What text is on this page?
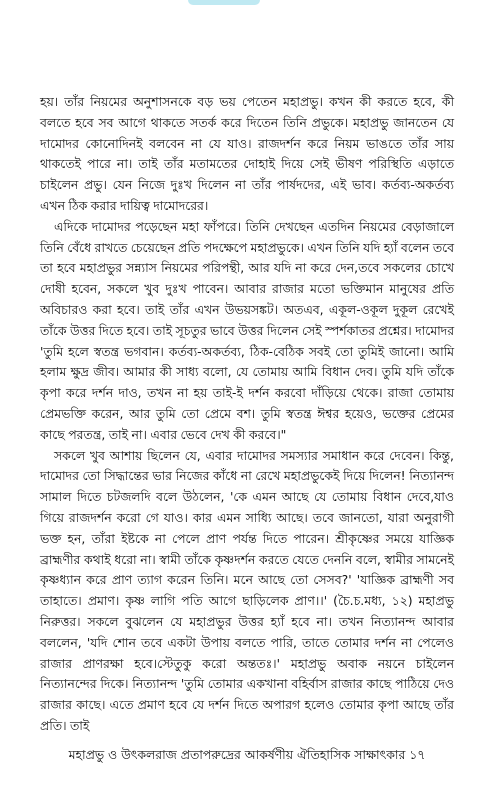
হয়। তাঁর নিয়মের অনুশাসনকে বড় ভয় পেতেন মহাপ্রভু। কখন কী করতে হবে, কী বলতে হবে সব আগে থাকতে সতর্ক করে দিতেন তিনি প্রভুকে। মহাপ্রভু জানতেন যে দামোদর কোনোদিনই বলবেন না যে যাও। রাজদর্শন করে নিয়ম ভাঙতে তাঁর সায় থাকতেই পারে না। তাই তাঁর মতামতের দোহাই দিয়ে সেই ভীষণ পরিস্থিতি এড়াতে চাইলেন প্রভু। যেন নিজে দুঃখ দিলেন না তাঁর পার্ষদদের, এই ভাব। কর্তব্য-অকর্তব্য এখন ঠিক করার দায়িত্ব দামোদরের।

এদিকে দামোদর পড়েছেন মহা ফাঁপরে। তিনি দেখছেন এতদিন নিয়মের বেড়াজালে তিনি বেঁধে রাখতে চেয়েছেন প্রতি পদক্ষেপে মহাপ্রভুকে। এখন তিনি যদি হ্যাঁ বলেন তবে তা হবে মহাপ্রভুর সন্ন্যাস নিয়মের পরিপন্থী, আর যদি না করে দেন,তবে সকলের চোখে দোষী হবেন, সকলে খুব দুঃখ পাবেন। আবার রাজার মতো ভক্তিমান মানুষের প্রতি অবিচারও করা হবে। তাই তাঁর এখন উভয়সঙ্কট। অতএব, একূল-ওকূল দুকূল রেখেই তাঁকে উত্তর দিতে হবে। তাই সূচতুর ভাবে উত্তর দিলেন সেই স্পর্শকাতর প্রশ্নের। দামোদর 'তুমি হলে স্বতন্ত্র ভগবান। কর্তব্য-অকর্তব্য, ঠিক-বেঠিক সবই তো তুমিই জানো। আমি হলাম ক্ষুদ্র জীব। আমার কী সাধ্য বলো, যে তোমায় আমি বিধান দেব। তুমি যদি তাঁকে কৃপা করে দর্শন দাও, তখন না হয় তাই-ই দর্শন করবো দাঁড়িয়ে থেকে। রাজা তোমায় প্রেমভক্তি করেন, আর তুমি তো প্রেমে বশ। তুমি স্বতন্ত্র ঈশ্বর হয়েও, ভক্তের প্রেমের কাছে পরতন্ত্র, তাই না। এবার ভেবে দেখ কী করবে।"

সকলে খুব আশায় ছিলেন যে, এবার দামোদর সমস্যার সমাধান করে দেবেন। কিন্তু, দামোদর তো সিদ্ধান্তের ভার নিজের কাঁধে না রেখে মহাপ্রভুকেই দিয়ে দিলেন! নিত্যানন্দ সামাল দিতে চটজলদি বলে উঠলেন, 'কে এমন আছে যে তোমায় বিধান দেবে,যাও গিয়ে রাজদর্শন করো গে যাও। কার এমন সাধ্যি আছে। তবে জানতো, যারা অনুরাগী ভক্ত হন, তাঁরা ইষ্টকে না পেলে প্রাণ পর্যন্ত দিতে পারেন। শ্রীকৃষ্ণের সময়ে যাজ্ঞিক ব্রাহ্মণীর কথাই ধরো না। স্বামী তাঁকে কৃষ্ণদর্শন করতে যেতে দেননি বলে, স্বামীর সামনেই কৃষ্ণধ্যান করে প্রাণ ত্যাগ করেন তিনি। মনে আছে তো সেসব?' 'যাজ্ঞিক ব্রাহ্মণী সব তাহাতে। প্রমাণ। কৃষ্ণ লাগি পতি আগে ছাড়িলেক প্রাণ।।' (চৈ.চ.মধ্য, ১২) মহাপ্রভু নিরুত্তর। সকলে বুঝলেন যে মহাপ্রভুর উত্তর হ্যাঁ হবে না। তখন নিত্যানন্দ আবার বললেন, 'যদি শোন তবে একটা উপায় বলতে পারি, তাতে তোমার দর্শন না পেলেও রাজার প্রাণরক্ষা হবে।স্টেতুকু করো অন্ততঃ।' মহাপ্রভু অবাক নয়নে চাইলেন নিত্যানন্দের দিকে। নিত্যানন্দ 'তুমি তোমার একখানা বহির্বাস রাজার কাছে পাঠিয়ে দেও রাজার কাছে। এতে প্রমাণ হবে যে দর্শন দিতে অপারগ হলেও তোমার কৃপা আছে তাঁর প্রতি। তাই

মহাপ্রভু ও উৎকলরাজ প্রতাপরুদ্রের আকর্ষণীয় ঐতিহাসিক সাক্ষাৎকার ১৭
